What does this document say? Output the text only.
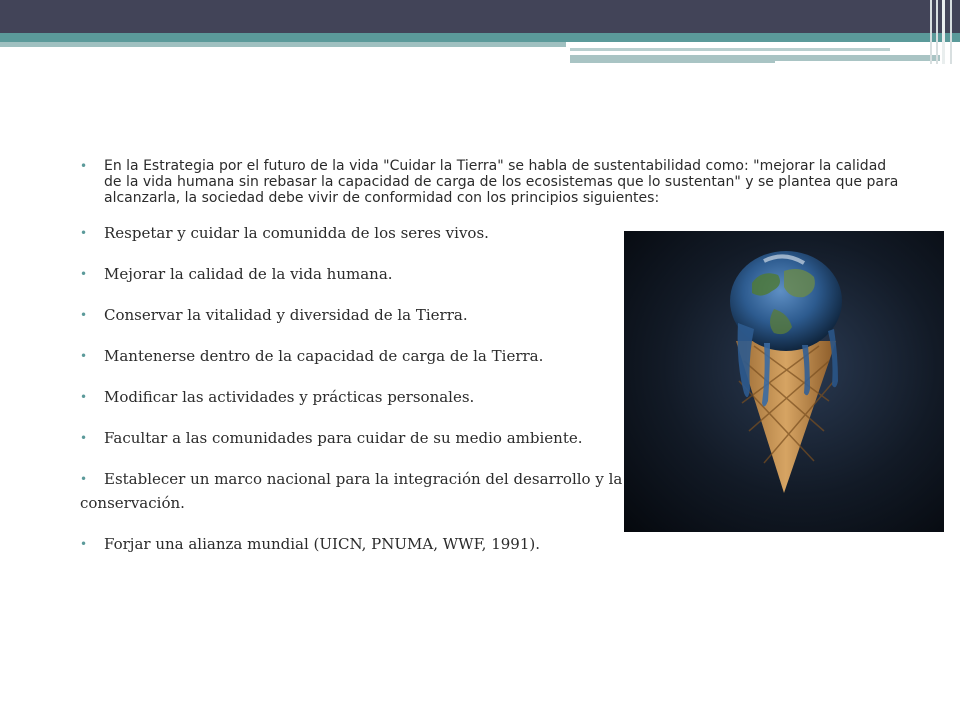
• En la Estrategia por el futuro de la vida "Cuidar la Tierra" se habla de sustentabilidad como: "mejorar la calidad de la vida humana sin rebasar la capacidad de carga de los ecosistemas que lo sustentan" y se plantea que para alcanzarla, la sociedad debe vivir de conformidad con los principios siguientes:
• Respetar y cuidar la comunidda de los seres vivos.
• Mejorar la calidad de la vida humana.
• Conservar la vitalidad y diversidad de la Tierra.
• Mantenerse dentro de la capacidad de carga de la Tierra.
• Modificar las actividades y prácticas personales.
• Facultar a las comunidades para cuidar de su medio ambiente.
• Establecer un marco nacional para la integración del desarrollo y la
conservación.
• Forjar una alianza mundial (UICN, PNUMA, WWF, 1991).
